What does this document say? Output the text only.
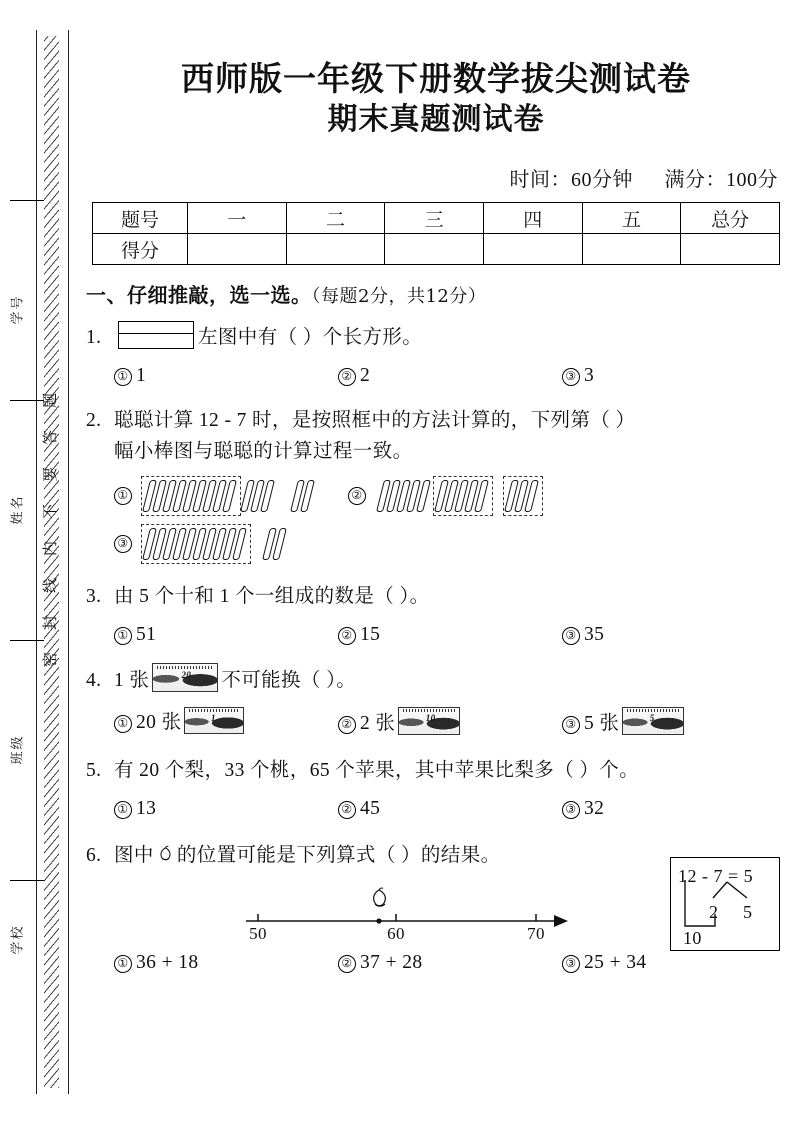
学号
姓名
班级
学校
题
答
要
不
内
线
封
密
西师版一年级下册数学拔尖测试卷
期末真题测试卷
时间：60分钟 满分：100分
题号	一	二	三	四	五	总分
得分						
一、仔细推敲，选一选。（每题2分，共12分）
1.	左图中有（ ）个长方形。
① 1	② 2	③ 3
2. 聪聪计算 12 - 7 时，是按照框中的方法计算的，下列第（ ）
幅小棒图与聪聪的计算过程一致。
12 - 7 = 5
2 5
10
①	②
③
3. 由 5 个十和 1 个一组成的数是（ ）。
① 51	② 15	③ 35
4. 1 张	20 不可能换（ ）。
① 20 张	1	② 2 张	10	③ 5 张	5
5. 有 20 个梨，33 个桃，65 个苹果，其中苹果比梨多（ ）个。
① 13	② 45	③ 32
6. 图中 的位置可能是下列算式（ ）的结果。
50	60	70
① 36 + 18	② 37 + 28	③ 25 + 34
